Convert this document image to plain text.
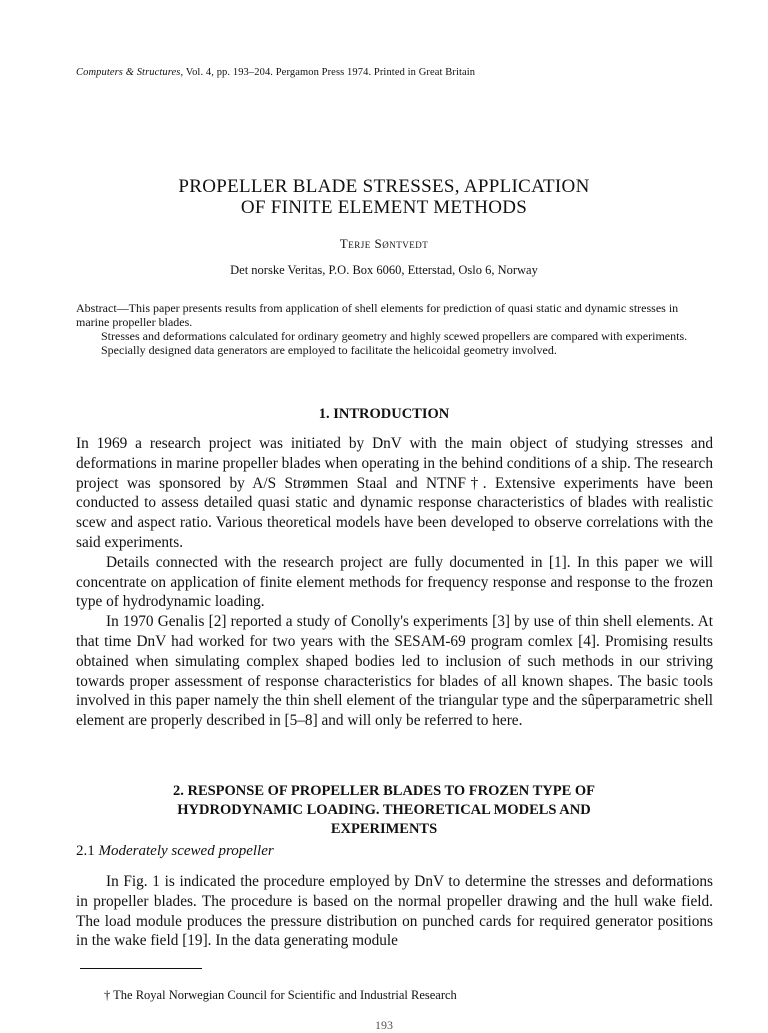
Computers & Structures, Vol. 4, pp. 193–204. Pergamon Press 1974. Printed in Great Britain
PROPELLER BLADE STRESSES, APPLICATION
OF FINITE ELEMENT METHODS
Terje Søntvedt
Det norske Veritas, P.O. Box 6060, Etterstad, Oslo 6, Norway

Abstract—This paper presents results from application of shell elements for prediction of quasi static and dynamic stresses in marine propeller blades.

Stresses and deformations calculated for ordinary geometry and highly scewed propellers are compared with experiments.

Specially designed data generators are employed to facilitate the helicoidal geometry involved.

1. INTRODUCTION

In 1969 a research project was initiated by DnV with the main object of studying stresses and deformations in marine propeller blades when operating in the behind conditions of a ship. The research project was sponsored by A/S Strømmen Staal and NTNF†. Extensive experiments have been conducted to assess detailed quasi static and dynamic response characteristics of blades with realistic scew and aspect ratio. Various theoretical models have been developed to observe correlations with the said experiments.

Details connected with the research project are fully documented in [1]. In this paper we will concentrate on application of finite element methods for frequency response and response to the frozen type of hydrodynamic loading.

In 1970 Genalis [2] reported a study of Conolly's experiments [3] by use of thin shell elements. At that time DnV had worked for two years with the SESAM-69 program comlex [4]. Promising results obtained when simulating complex shaped bodies led to inclusion of such methods in our striving towards proper assessment of response characteristics for blades of all known shapes. The basic tools involved in this paper namely the thin shell element of the triangular type and the sûperparametric shell element are properly described in [5–8] and will only be referred to here.

2. RESPONSE OF PROPELLER BLADES TO FROZEN TYPE OF
HYDRODYNAMIC LOADING. THEORETICAL MODELS AND
EXPERIMENTS
2.1 Moderately scewed propeller

In Fig. 1 is indicated the procedure employed by DnV to determine the stresses and deformations in propeller blades. The procedure is based on the normal propeller drawing and the hull wake field. The load module produces the pressure distribution on punched cards for required generator positions in the wake field [19]. In the data generating module

† The Royal Norwegian Council for Scientific and Industrial Research
193
